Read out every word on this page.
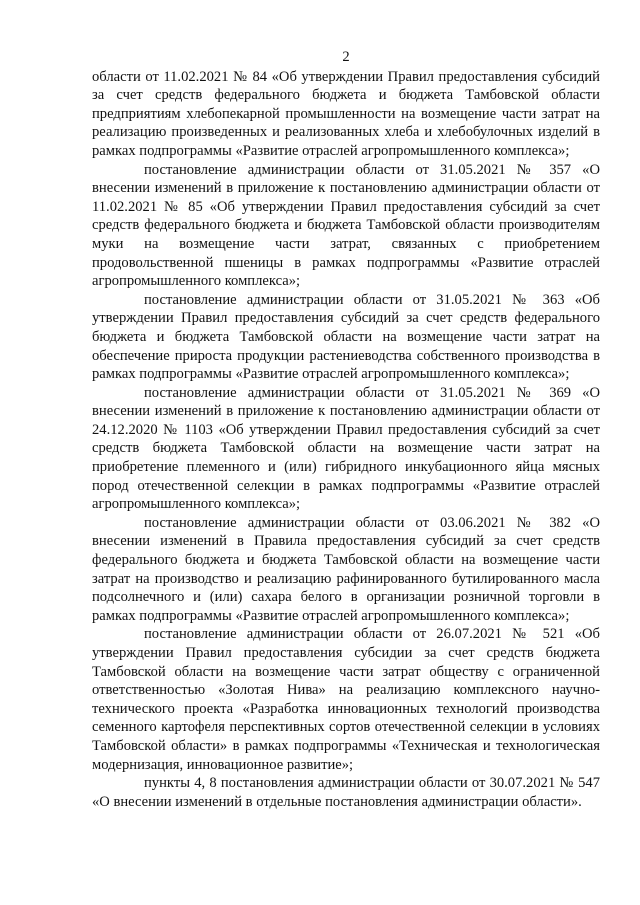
2

области от 11.02.2021 № 84 «Об утверждении Правил предоставления субсидий за счет средств федерального бюджета и бюджета Тамбовской области предприятиям хлебопекарной промышленности на возмещение части затрат на реализацию произведенных и реализованных хлеба и хлебобулочных изделий в рамках подпрограммы «Развитие отраслей агропромышленного комплекса»;

постановление администрации области от 31.05.2021 № 357 «О внесении изменений в приложение к постановлению администрации области от 11.02.2021 № 85 «Об утверждении Правил предоставления субсидий за счет средств федерального бюджета и бюджета Тамбовской области производителям муки на возмещение части затрат, связанных с приобретением продовольственной пшеницы в рамках подпрограммы «Развитие отраслей агропромышленного комплекса»;

постановление администрации области от 31.05.2021 № 363 «Об утверждении Правил предоставления субсидий за счет средств федерального бюджета и бюджета Тамбовской области на возмещение части затрат на обеспечение прироста продукции растениеводства собственного производства в рамках подпрограммы «Развитие отраслей агропромышленного комплекса»;

постановление администрации области от 31.05.2021 № 369 «О внесении изменений в приложение к постановлению администрации области от 24.12.2020 № 1103 «Об утверждении Правил предоставления субсидий за счет средств бюджета Тамбовской области на возмещение части затрат на приобретение племенного и (или) гибридного инкубационного яйца мясных пород отечественной селекции в рамках подпрограммы «Развитие отраслей агропромышленного комплекса»;

постановление администрации области от 03.06.2021 № 382 «О внесении изменений в Правила предоставления субсидий за счет средств федерального бюджета и бюджета Тамбовской области на возмещение части затрат на производство и реализацию рафинированного бутилированного масла подсолнечного и (или) сахара белого в организации розничной торговли в рамках подпрограммы «Развитие отраслей агропромышленного комплекса»;

постановление администрации области от 26.07.2021 № 521 «Об утверждении Правил предоставления субсидии за счет средств бюджета Тамбовской области на возмещение части затрат обществу с ограниченной ответственностью «Золотая Нива» на реализацию комплексного научно-технического проекта «Разработка инновационных технологий производства семенного картофеля перспективных сортов отечественной селекции в условиях Тамбовской области» в рамках подпрограммы «Техническая и технологическая модернизация, инновационное развитие»;

пункты 4, 8 постановления администрации области от 30.07.2021 № 547 «О внесении изменений в отдельные постановления администрации области».
